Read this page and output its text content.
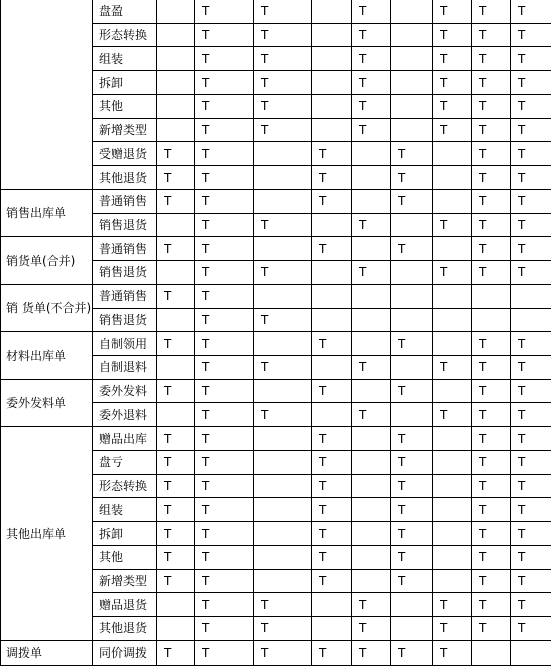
	盘盈		T	T		T		T	T	T
	形态转换		T	T		T		T	T	T
	组装		T	T		T		T	T	T
	拆卸		T	T		T		T	T	T
	其他		T	T		T		T	T	T
	新增类型		T	T		T		T	T	T
	受赠退货	T	T		T		T		T	T
	其他退货	T	T		T		T		T	T
销售出库单	普通销售	T	T		T		T		T	T
	销售退货		T	T		T		T	T	T
销货单(合并)	普通销售	T	T		T		T		T	T
	销售退货		T	T		T		T	T	T
销 货单(不合并)	普通销售	T	T							
	销售退货		T	T						
材料出库单	自制领用	T	T		T		T		T	T
	自制退料		T	T		T		T	T	T
委外发料单	委外发料	T	T		T		T		T	T
	委外退料		T	T		T		T	T	T
其他出库单	赠品出库	T	T		T		T		T	T
	盘亏	T	T		T		T		T	T
	形态转换	T	T		T		T		T	T
	组装	T	T		T		T		T	T
	拆卸	T	T		T		T		T	T
	其他	T	T		T		T		T	T
	新增类型	T	T		T		T		T	T
	赠品退货		T	T		T		T	T	T
	其他退货		T	T		T		T	T	T
调拨单	同价调拨	T	T	T	T	T	T	T		
